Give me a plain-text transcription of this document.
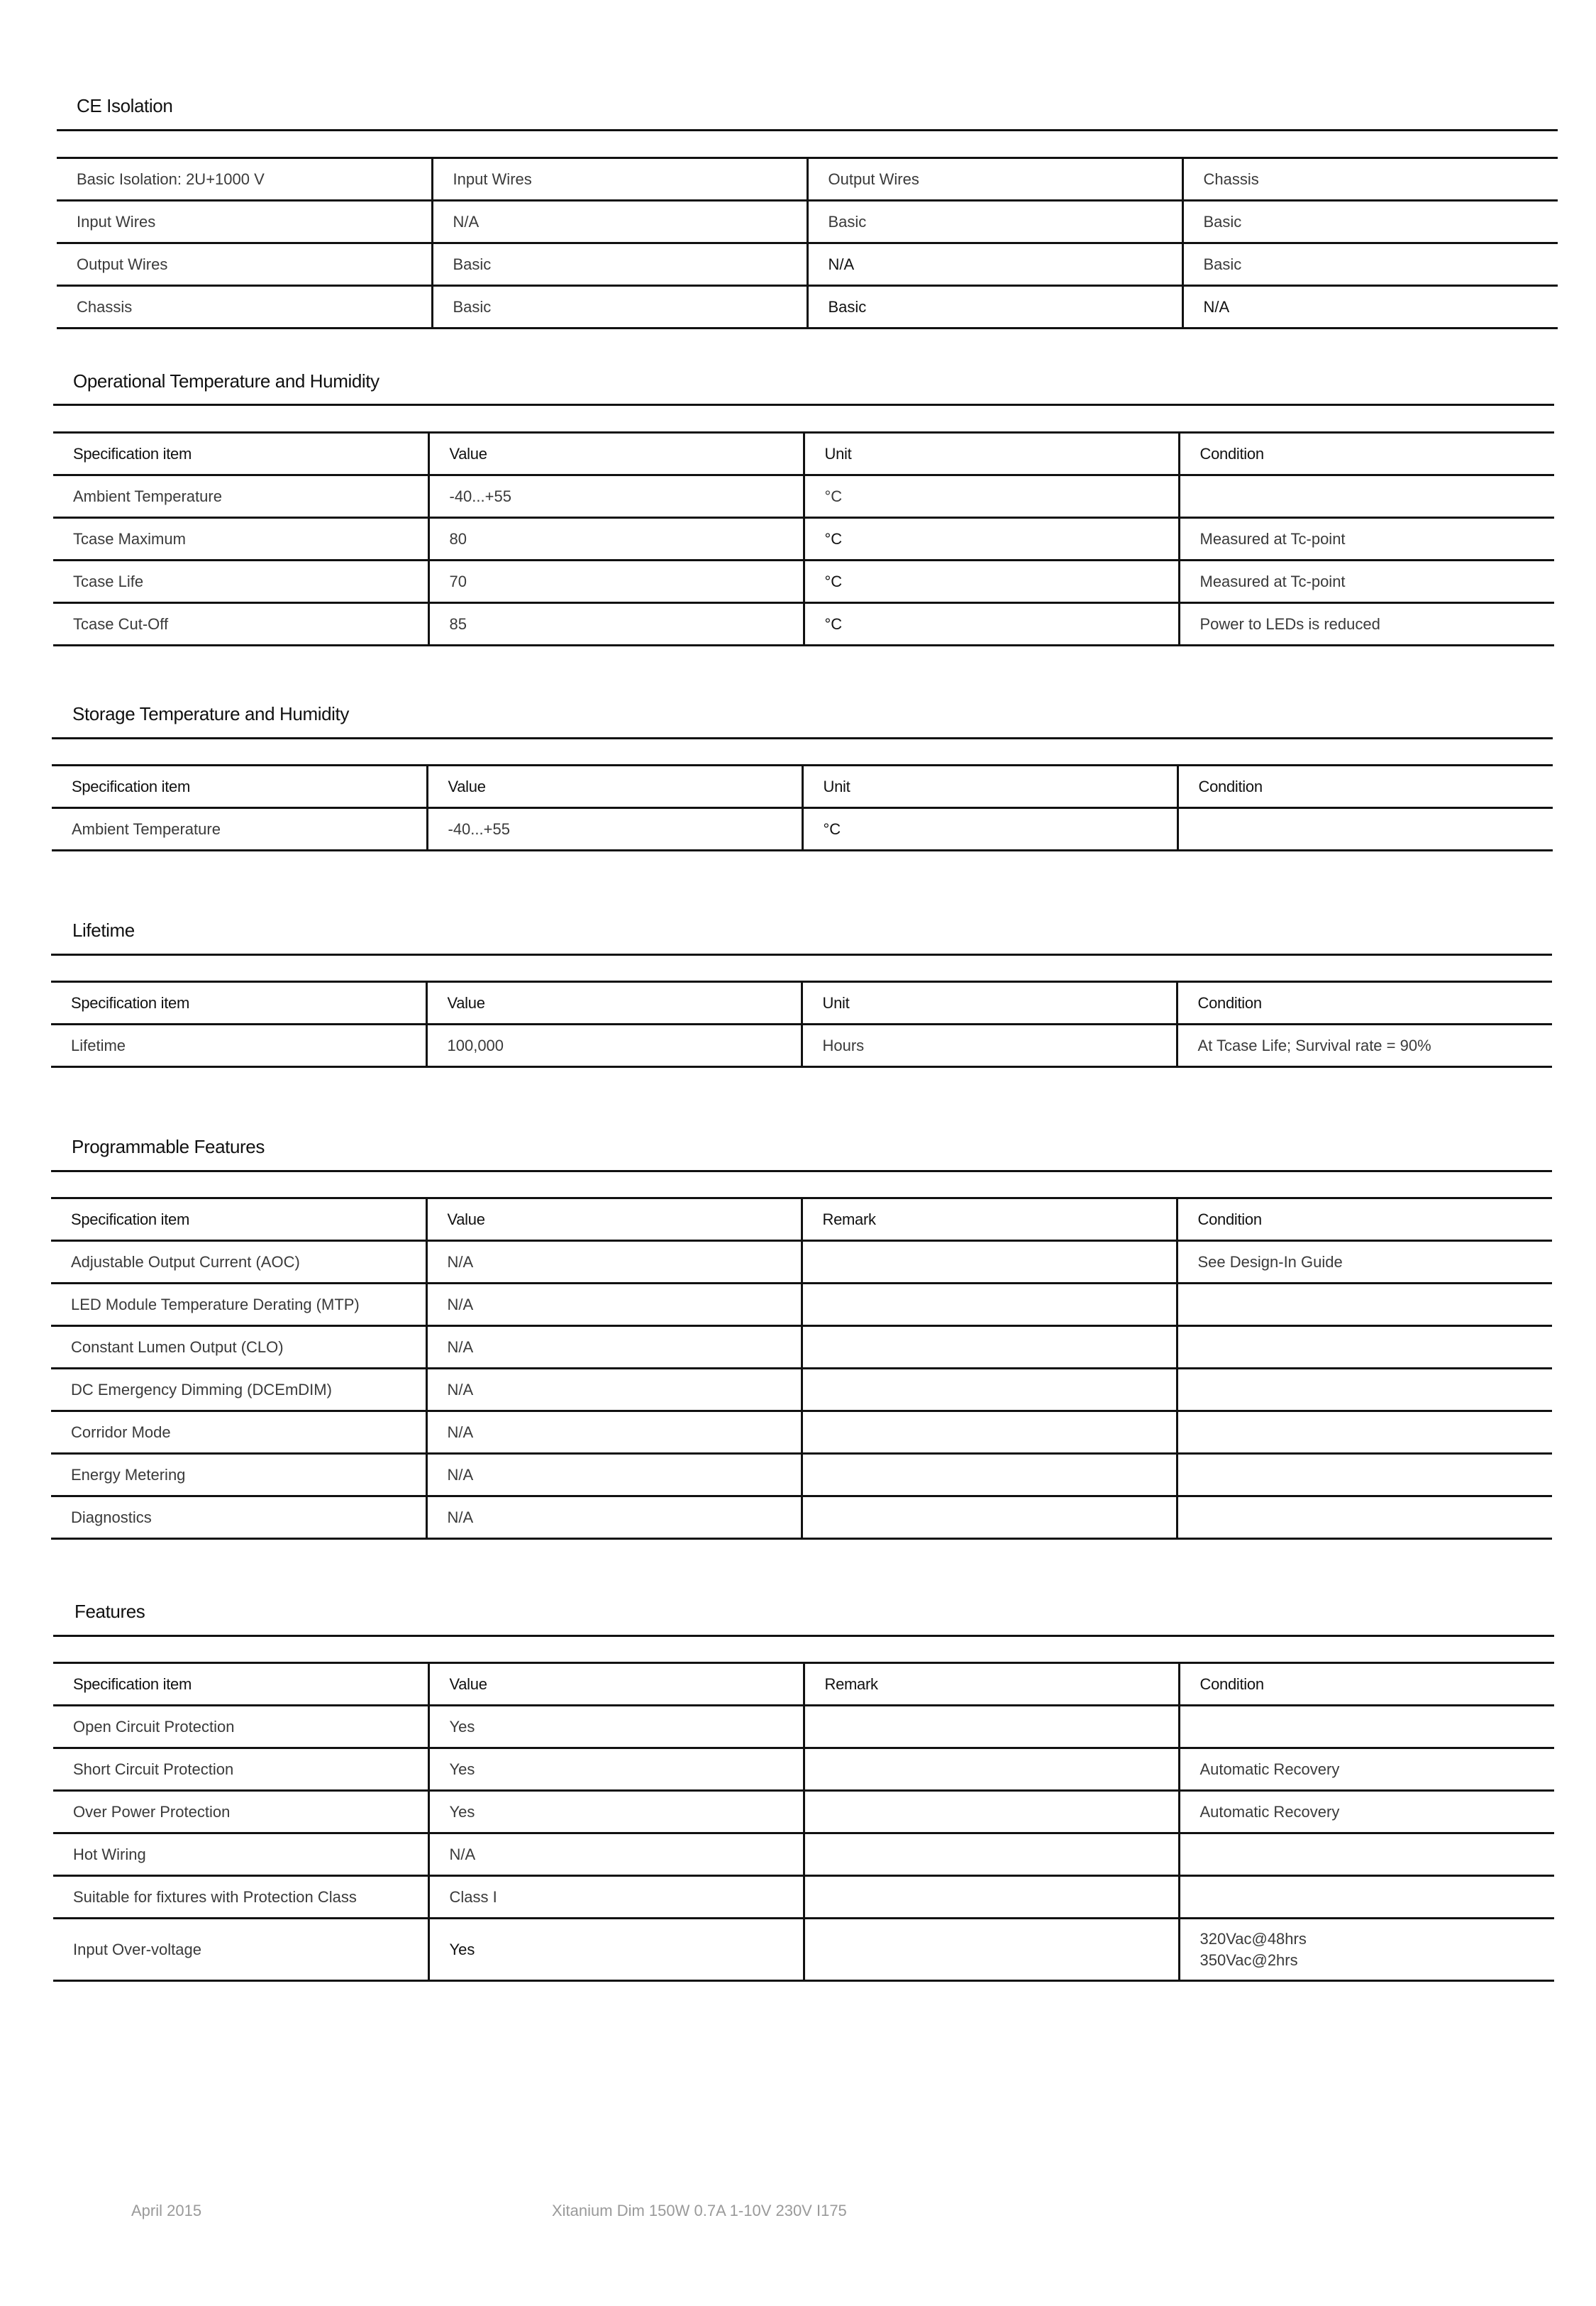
CE Isolation
Basic Isolation: 2U+1000 V	Input Wires	Output Wires	Chassis
Input Wires	N/A	Basic	Basic
Output Wires	Basic	N/A	Basic
Chassis	Basic	Basic	N/A
Operational Temperature and Humidity
Specification item	Value	Unit	Condition
Ambient Temperature	-40...+55	°C	
Tcase Maximum	80	°C	Measured at Tc-point
Tcase Life	70	°C	Measured at Tc-point
Tcase Cut-Off	85	°C	Power to LEDs is reduced
Storage Temperature and Humidity
Specification item	Value	Unit	Condition
Ambient Temperature	-40...+55	°C	
Lifetime
Specification item	Value	Unit	Condition
Lifetime	100,000	Hours	At Tcase Life; Survival rate = 90%
Programmable Features
Specification item	Value	Remark	Condition
Adjustable Output Current (AOC)	N/A		See Design-In Guide
LED Module Temperature Derating (MTP)	N/A		
Constant Lumen Output (CLO)	N/A		
DC Emergency Dimming (DCEmDIM)	N/A		
Corridor Mode	N/A		
Energy Metering	N/A		
Diagnostics	N/A		
Features
Specification item	Value	Remark	Condition
Open Circuit Protection	Yes		
Short Circuit Protection	Yes		Automatic Recovery
Over Power Protection	Yes		Automatic Recovery
Hot Wiring	N/A		
Suitable for fixtures with Protection Class	Class I		
Input Over-voltage	Yes		320Vac@48hrs
350Vac@2hrs
April 2015	Xitanium Dim 150W 0.7A 1-10V 230V I175
